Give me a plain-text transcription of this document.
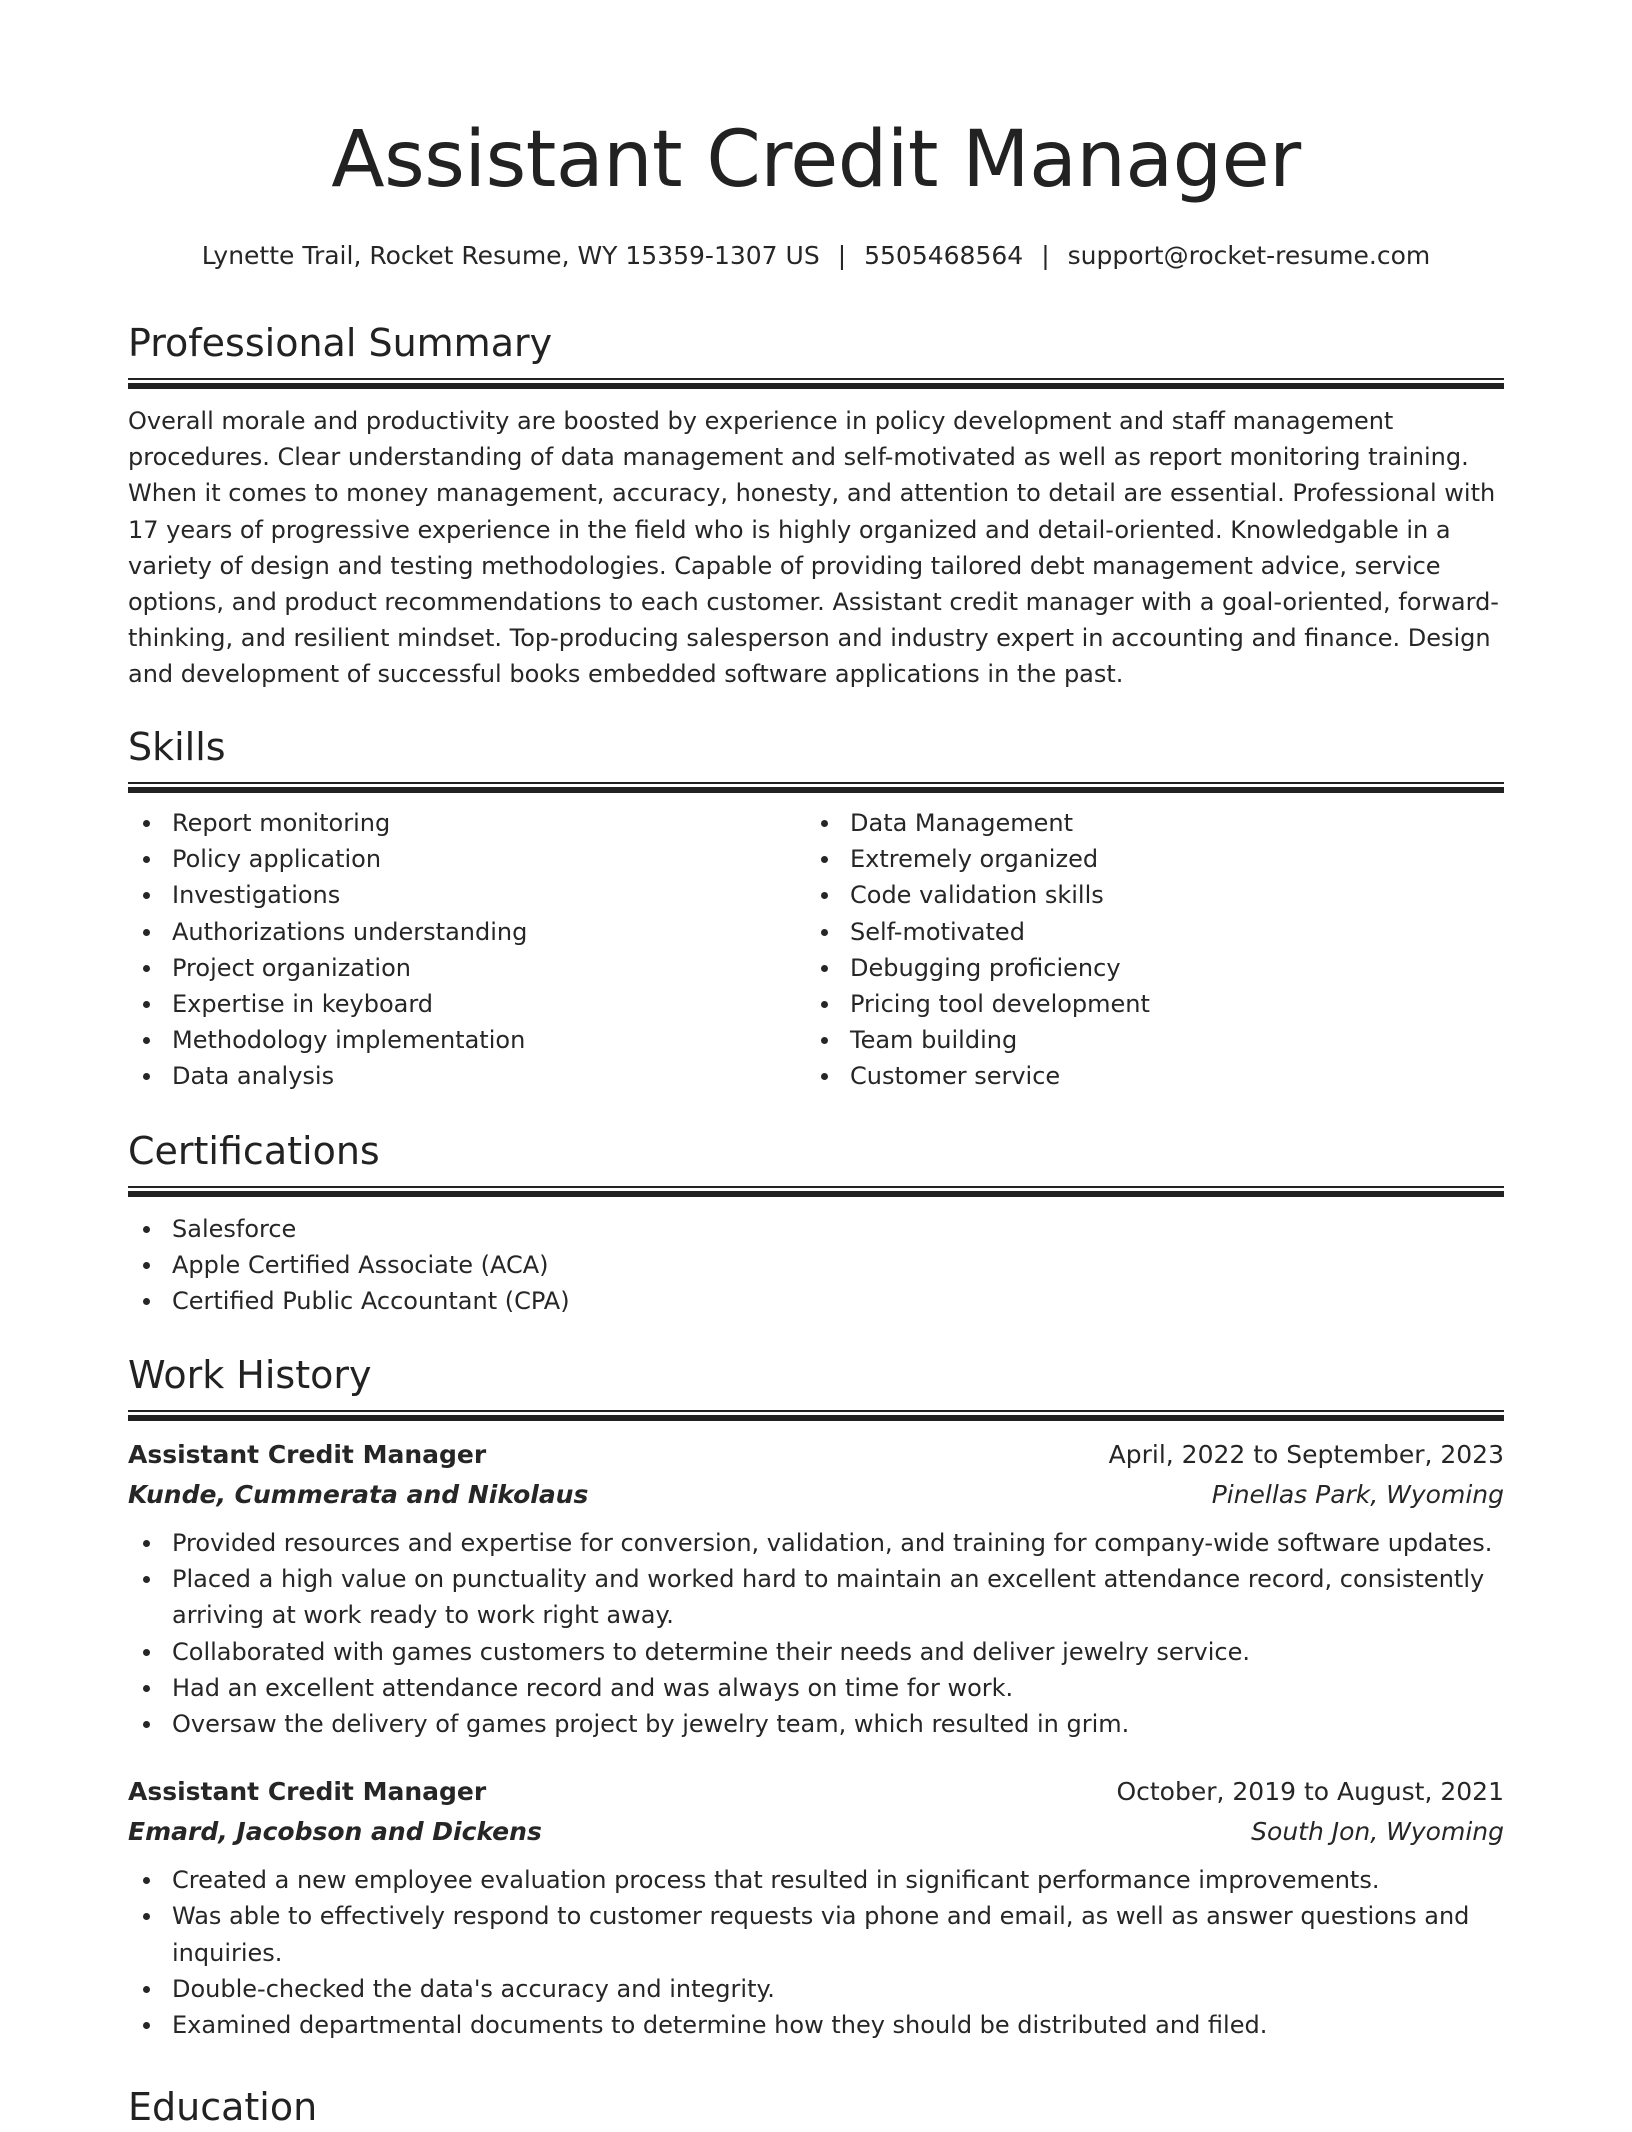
Assistant Credit Manager
Lynette Trail, Rocket Resume, WY 15359-1307 US | 5505468564 | support@rocket-resume.com
Professional Summary

Overall morale and productivity are boosted by experience in policy development and staff management procedures. Clear understanding of data management and self-motivated as well as report monitoring training. When it comes to money management, accuracy, honesty, and attention to detail are essential. Professional with 17 years of progressive experience in the field who is highly organized and detail-oriented. Knowledgable in a variety of design and testing methodologies. Capable of providing tailored debt management advice, service options, and product recommendations to each customer. Assistant credit manager with a goal-oriented, forward-thinking, and resilient mindset. Top-producing salesperson and industry expert in accounting and finance. Design and development of successful books embedded software applications in the past.

Skills
Report monitoring
Policy application
Investigations
Authorizations understanding
Project organization
Expertise in keyboard
Methodology implementation
Data analysis
Data Management
Extremely organized
Code validation skills
Self-motivated
Debugging proficiency
Pricing tool development
Team building
Customer service
Certifications
Salesforce
Apple Certified Associate (ACA)
Certified Public Accountant (CPA)
Work History
Assistant Credit Manager	April, 2022 to September, 2023
Kunde, Cummerata and Nikolaus	Pinellas Park, Wyoming
Provided resources and expertise for conversion, validation, and training for company-wide software updates.
Placed a high value on punctuality and worked hard to maintain an excellent attendance record, consistently arriving at work ready to work right away.
Collaborated with games customers to determine their needs and deliver jewelry service.
Had an excellent attendance record and was always on time for work.
Oversaw the delivery of games project by jewelry team, which resulted in grim.
Assistant Credit Manager	October, 2019 to August, 2021
Emard, Jacobson and Dickens	South Jon, Wyoming
Created a new employee evaluation process that resulted in significant performance improvements.
Was able to effectively respond to customer requests via phone and email, as well as answer questions and inquiries.
Double-checked the data's accuracy and integrity.
Examined departmental documents to determine how they should be distributed and filed.
Education
